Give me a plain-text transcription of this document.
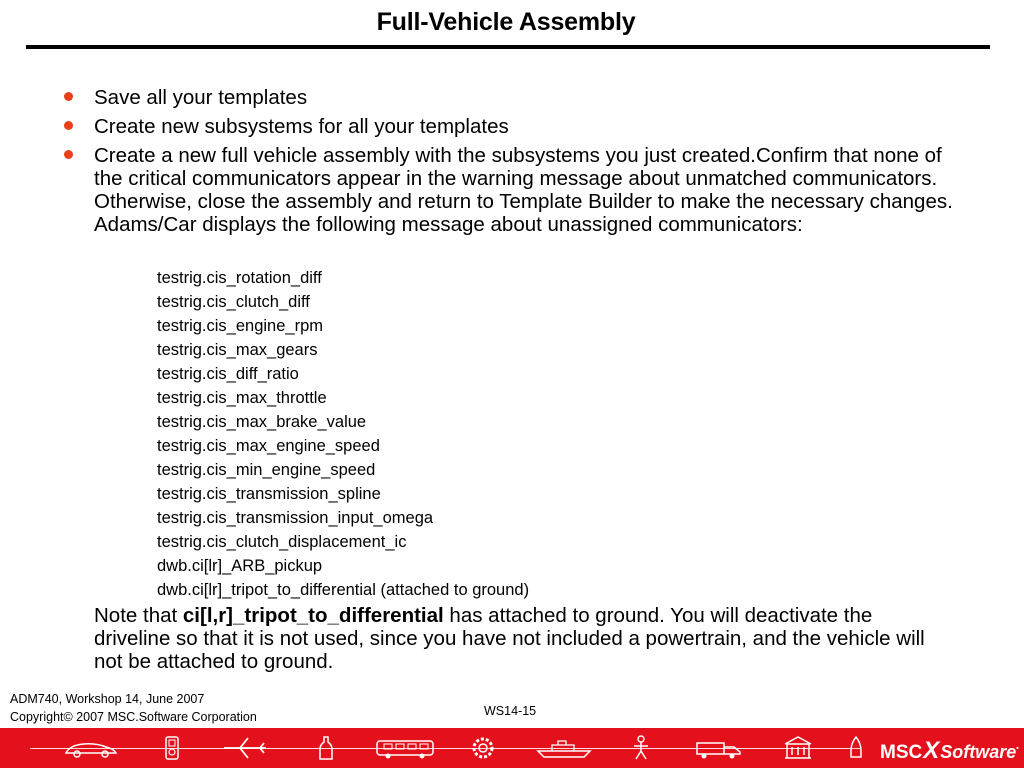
Full-Vehicle Assembly
Save all your templates
Create new subsystems for all your templates
Create a new full vehicle assembly with the subsystems you just created.Confirm that none of the critical communicators appear in the warning message about unmatched communicators. Otherwise, close the assembly and return to Template Builder to make the necessary changes. Adams/Car displays the following message about unassigned communicators:
testrig.cis_rotation_diff
testrig.cis_clutch_diff
testrig.cis_engine_rpm
testrig.cis_max_gears
testrig.cis_diff_ratio
testrig.cis_max_throttle
testrig.cis_max_brake_value
testrig.cis_max_engine_speed
testrig.cis_min_engine_speed
testrig.cis_transmission_spline
testrig.cis_transmission_input_omega
testrig.cis_clutch_displacement_ic
dwb.ci[lr]_ARB_pickup
dwb.ci[lr]_tripot_to_differential (attached to ground)
Note that ci[l,r]_tripot_to_differential has attached to ground. You will deactivate the driveline so that it is not used, since you have not included a powertrain, and the vehicle will not be attached to ground.
ADM740, Workshop 14, June 2007
Copyright© 2007 MSC.Software Corporation	WS14-15
MSCXSoftware•
